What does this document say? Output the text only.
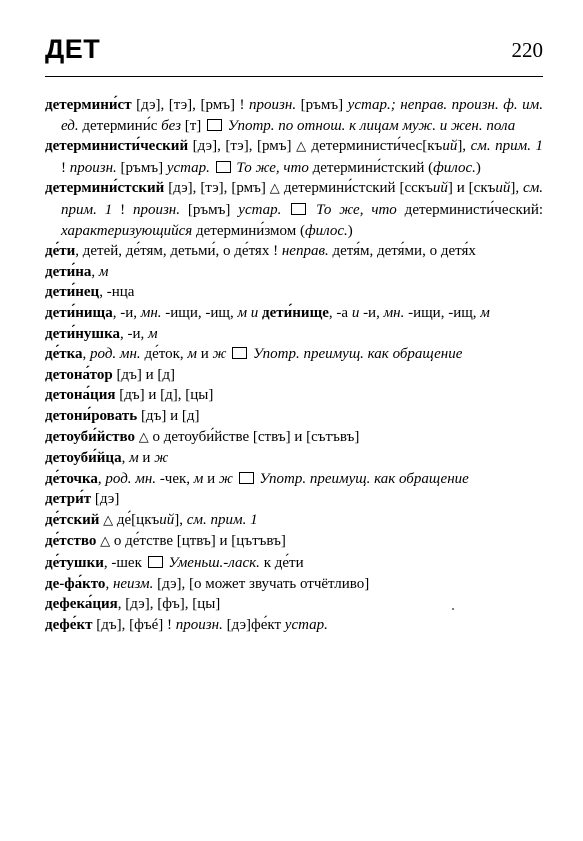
ДЕТ	220
детермини́ст [дэ], [тэ], [рмъ] ! произн. [ръмъ] устар.; неправ. произн. ф. им. ед. детермини́с без [т]  Употр. по отнош. к лицам муж. и жен. пола
детерминисти́ческий [дэ], [тэ], [рмъ] △ детерминисти́чес[къий], см. прим. 1 ! произн. [ръмъ] устар.  То же, что детермини́стский (филос.)
детермини́стский [дэ], [тэ], [рмъ] △ детермини́стский [сскъий] и [скъий], см. прим. 1 ! произн. [ръмъ] устар.  То же, что детерминисти́ческий: характеризующийся детермини́змом (филос.)
де́ти, детей, де́тям, детьми́, о де́тях ! неправ. детя́м, детя́ми, о детя́х
дети́на, м
дети́нец, -нца
дети́нища, -и, мн. -ищи, -ищ, м и дети́нище, -а и -и, мн. -ищи, -ищ, м
дети́нушка, -и, м
де́тка, род. мн. де́ток, м и ж  Употр. преимущ. как обращение
детона́тор [дъ] и [д]
детона́ция [дъ] и [д], [цы]
детони́ровать [дъ] и [д]
детоуби́йство △ о детоуби́йстве [ствъ] и [сътъвъ]
детоуби́йца, м и ж
де́точка, род. мн. -чек, м и ж  Употр. преимущ. как обращение
детри́т [дэ]
де́тский △ де́[цкъий], см. прим. 1
де́тство △ о де́тстве [цтвъ] и [цътъвъ]
де́тушки, -шек  Уменьш.-ласк. к де́ти
де-фа́кто, неизм. [дэ], [о может звучать отчётливо]
дефека́ция, [дэ], [фъ], [цы]
дефе́кт [дъ], [фъé] ! произн. [дэ]фе́кт устар.
